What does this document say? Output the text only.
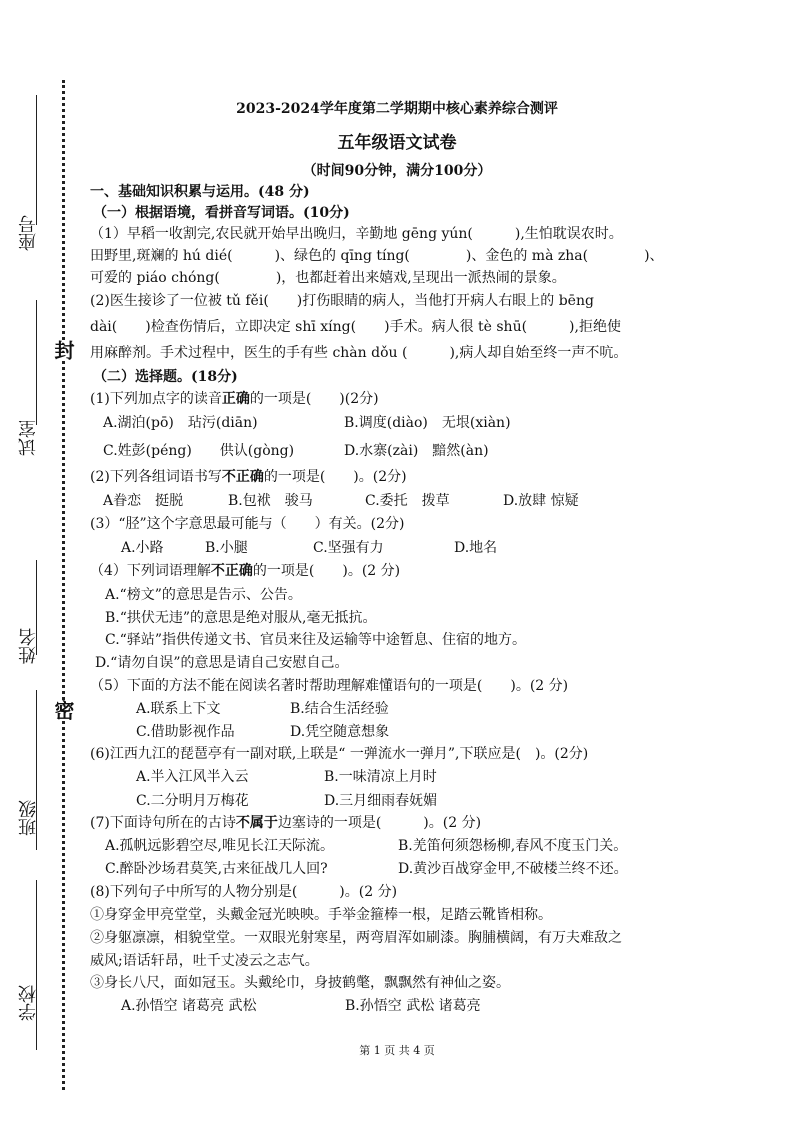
封
密
座号
试室
姓名
班级
学校
2023-2024学年度第二学期期中核心素养综合测评
五年级语文试卷
（时间90分钟，满分100分）
一、基础知识积累与运用。(48 分)
（一）根据语境，看拼音写词语。(10分)
（1）早稻一收割完,农民就开始早出晚归，辛勤地 gēng yún(　　　),生怕耽误农时。
田野里,斑斓的 hú dié(　　　)、绿色的 qīng tíng(　　　　)、金色的 mà zha(　　　　)、
可爱的 piáo chóng(　　　　)，也都赶着出来嬉戏,呈现出一派热闹的景象。
(2)医生接诊了一位被 tǔ fěi(　　)打伤眼睛的病人，当他打开病人右眼上的 bēng
dài(　　)检查伤情后，立即决定 shī xíng(　　)手术。病人很 tè shū(　　　),拒绝使
用麻醉剂。手术过程中，医生的手有些 chàn dǒu (　　　),病人却自始至终一声不吭。
（二）选择题。(18分)
(1)下列加点字的读音正确的一项是(　　)(2分)
A.湖泊(pō)　玷污(diān)	B.调度(diào)　无垠(xiàn)
C.姓彭(péng)　　供认(gòng)	D.水寨(zài)　黯然(àn)
(2)下列各组词语书写不正确的一项是(　　)。(2分)
A眷恋　挺脱	B.包袱　骏马	C.委托　拨草	D.放肆 惊疑
(3）“胫”这个字意思最可能与（　　）有关。(2分)
A.小路	B.小腿	C.坚强有力	D.地名
（4）下列词语理解不正确的一项是(　　)。(2 分)
A.“榜文”的意思是告示、公告。
B.“拱伏无违”的意思是绝对服从,毫无抵抗。
C.“驿站”指供传递文书、官员来往及运输等中途暂息、住宿的地方。
D.“请勿自误”的意思是请自己安慰自己。
（5）下面的方法不能在阅读名著时帮助理解难懂语句的一项是(　　)。(2 分)
A.联系上下文	B.结合生活经验
C.借助影视作品	D.凭空随意想象
(6)江西九江的琵琶亭有一副对联,上联是“ 一弹流水一弹月”,下联应是(　)。(2分)
A.半入江风半入云	B.一味清凉上月时
C.二分明月万梅花	D.三月细雨春妩媚
(7)下面诗句所在的古诗不属于边塞诗的一项是(　　　)。(2 分)
A.孤帆远影碧空尽,唯见长江天际流。	B.羌笛何须怨杨柳,春风不度玉门关。
C.醉卧沙场君莫笑,古来征战几人回?	D.黄沙百战穿金甲,不破楼兰终不还。
(8)下列句子中所写的人物分别是(　　　)。(2 分)
①身穿金甲亮堂堂，头戴金冠光映映。手举金箍棒一根，足踏云靴皆相称。
②身躯凛凛，相貌堂堂。一双眼光射寒星，两弯眉浑如刷漆。胸脯横阔，有万夫难敌之
威风;语话轩昂，吐千丈凌云之志气。
③身长八尺，面如冠玉。头戴纶巾，身披鹤氅，飘飘然有神仙之姿。
A.孙悟空 诸葛亮 武松	B.孙悟空 武松 诸葛亮
第 1 页 共 4 页
